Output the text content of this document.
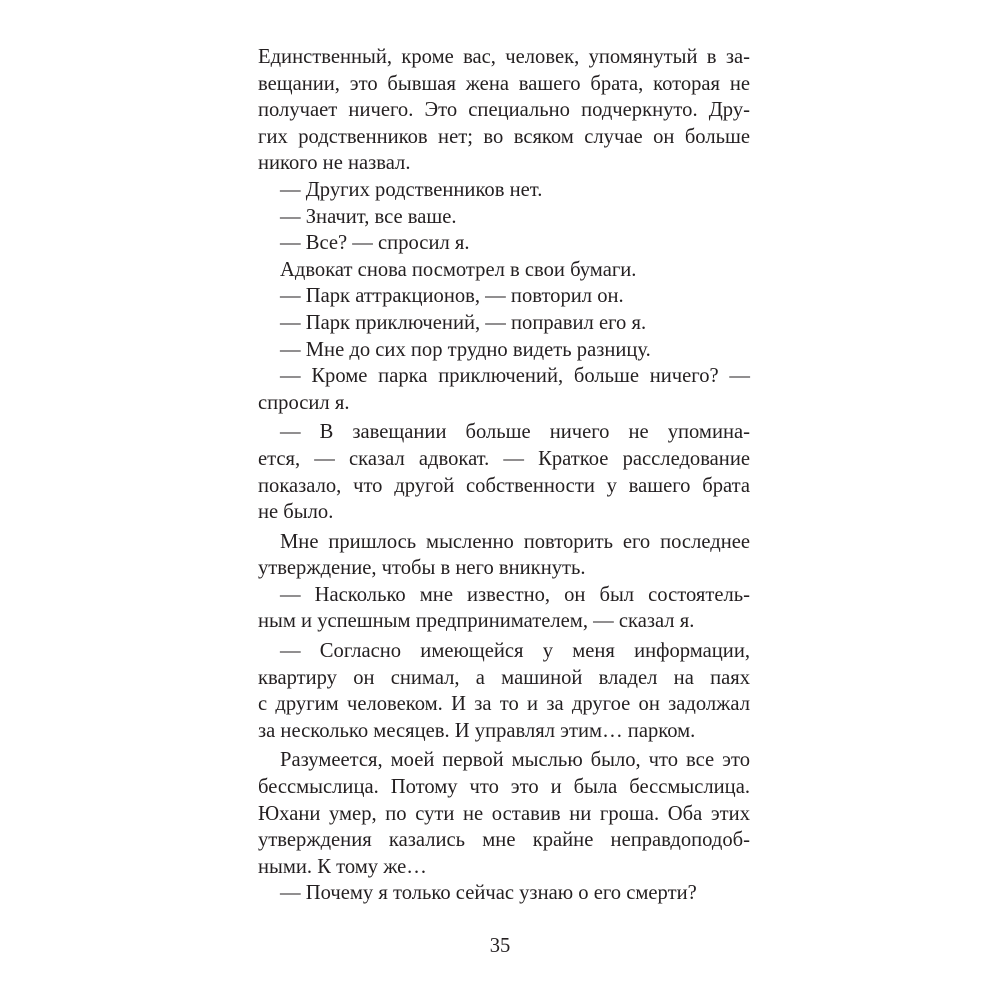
Единственный, кроме вас, человек, упомянутый в за-
вещании, это бывшая жена вашего брата, которая не
получает ничего. Это специально подчеркнуто. Дру-
гих родственников нет; во всяком случае он больше
никого не назвал.
— Других родственников нет.
— Значит, все ваше.
— Все? — спросил я.
Адвокат снова посмотрел в свои бумаги.
— Парк аттракционов, — повторил он.
— Парк приключений, — поправил его я.
— Мне до сих пор трудно видеть разницу.
— Кроме парка приключений, больше ничего? —
спросил я.
— В завещании больше ничего не упомина-
ется, — сказал адвокат. — Краткое расследование
показало, что другой собственности у вашего брата
не было.
Мне пришлось мысленно повторить его последнее
утверждение, чтобы в него вникнуть.
— Насколько мне известно, он был состоятель-
ным и успешным предпринимателем, — сказал я.
— Согласно имеющейся у меня информации,
квартиру он снимал, а машиной владел на паях
с другим человеком. И за то и за другое он задолжал
за несколько месяцев. И управлял этим… парком.
Разумеется, моей первой мыслью было, что все это
бессмыслица. Потому что это и была бессмыслица.
Юхани умер, по сути не оставив ни гроша. Оба этих
утверждения казались мне крайне неправдоподоб-
ными. К тому же…
— Почему я только сейчас узнаю о его смерти?
35
